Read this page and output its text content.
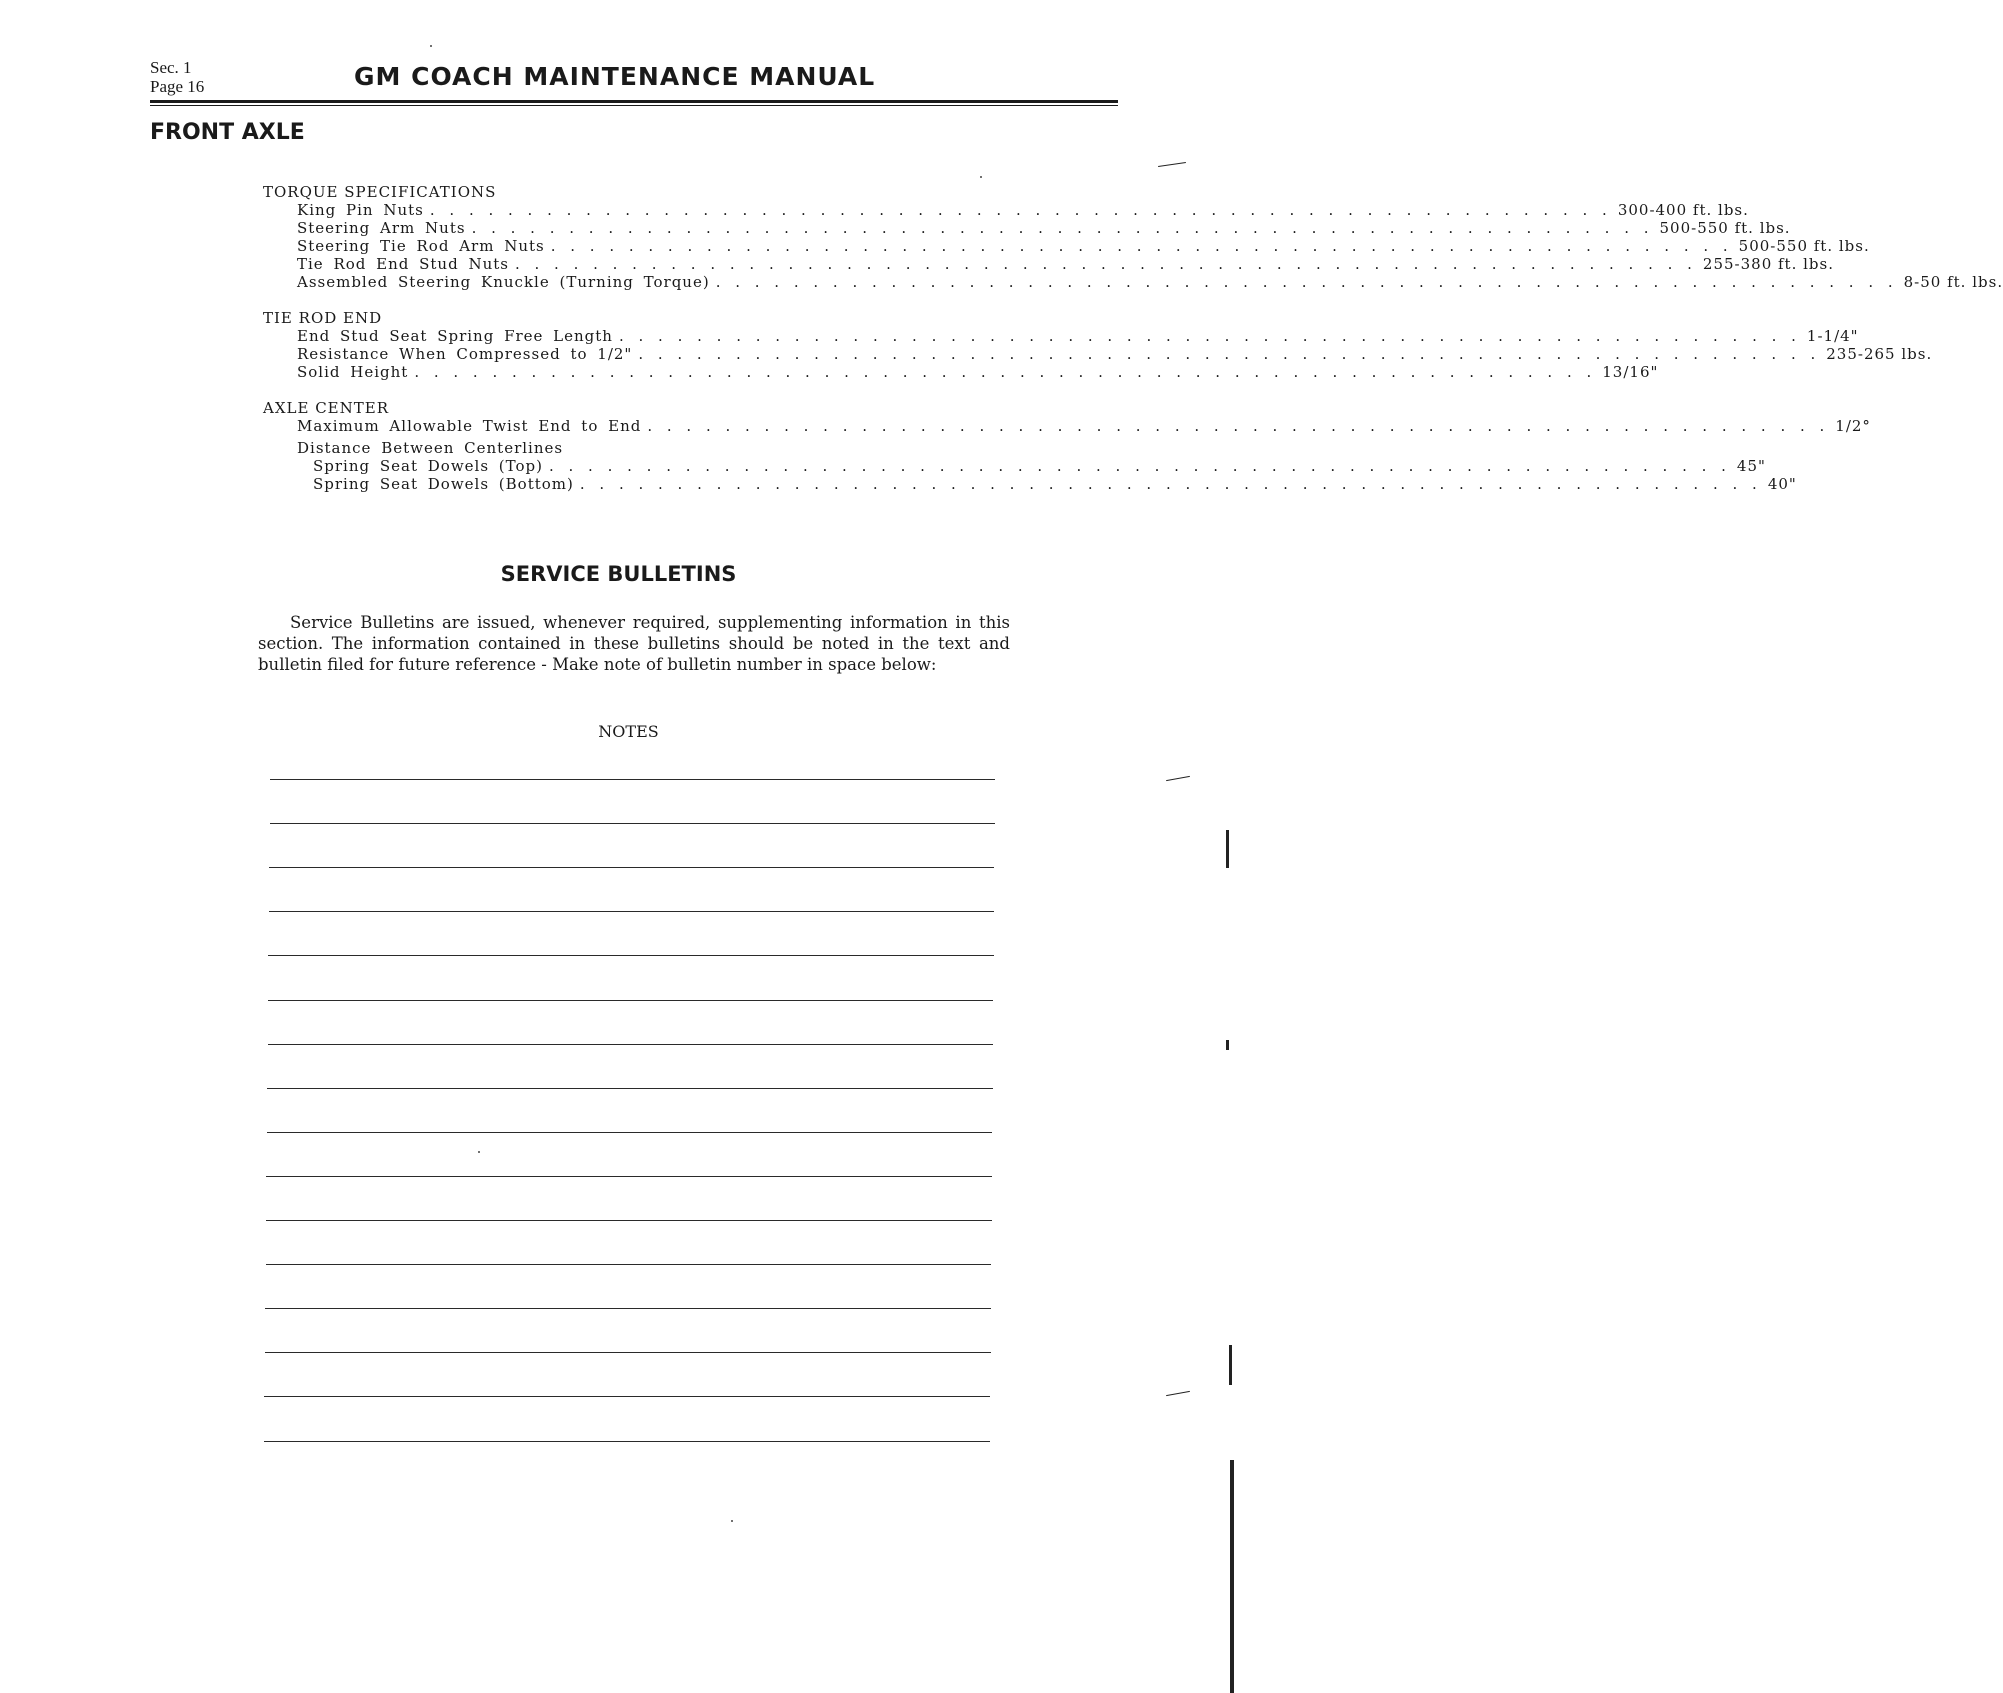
Sec. 1
Page 16	GM COACH MAINTENANCE MANUAL
FRONT AXLE
TORQUE SPECIFICATIONS
King Pin Nuts . . . . . . . . . . . . . . . . . . . . . . . . . . . . . . . . . . . . . . . . . . . . . . . . . . . . . . . . . . . . . 300-400 ft. lbs.
Steering Arm Nuts . . . . . . . . . . . . . . . . . . . . . . . . . . . . . . . . . . . . . . . . . . . . . . . . . . . . . . . . . . . . . 500-550 ft. lbs.
Steering Tie Rod Arm Nuts . . . . . . . . . . . . . . . . . . . . . . . . . . . . . . . . . . . . . . . . . . . . . . . . . . . . . . . . . . . . . 500-550 ft. lbs.
Tie Rod End Stud Nuts . . . . . . . . . . . . . . . . . . . . . . . . . . . . . . . . . . . . . . . . . . . . . . . . . . . . . . . . . . . . . 255-380 ft. lbs.
Assembled Steering Knuckle (Turning Torque) . . . . . . . . . . . . . . . . . . . . . . . . . . . . . . . . . . . . . . . . . . . . . . . . . . . . . . . . . . . . . 8-50 ft. lbs.
TIE ROD END
End Stud Seat Spring Free Length . . . . . . . . . . . . . . . . . . . . . . . . . . . . . . . . . . . . . . . . . . . . . . . . . . . . . . . . . . . . . 1-1/4"
Resistance When Compressed to 1/2" . . . . . . . . . . . . . . . . . . . . . . . . . . . . . . . . . . . . . . . . . . . . . . . . . . . . . . . . . . . . . 235-265 lbs.
Solid Height . . . . . . . . . . . . . . . . . . . . . . . . . . . . . . . . . . . . . . . . . . . . . . . . . . . . . . . . . . . . . 13/16"
AXLE CENTER
Maximum Allowable Twist End to End . . . . . . . . . . . . . . . . . . . . . . . . . . . . . . . . . . . . . . . . . . . . . . . . . . . . . . . . . . . . . 1/2°
Distance Between Centerlines
Spring Seat Dowels (Top) . . . . . . . . . . . . . . . . . . . . . . . . . . . . . . . . . . . . . . . . . . . . . . . . . . . . . . . . . . . . . 45"
Spring Seat Dowels (Bottom) . . . . . . . . . . . . . . . . . . . . . . . . . . . . . . . . . . . . . . . . . . . . . . . . . . . . . . . . . . . . . 40"
SERVICE BULLETINS

Service Bulletins are issued, whenever required, supplementing information in this section. The information contained in these bulletins should be noted in the text and bulletin filed for future reference - Make note of bulletin number in space below:

NOTES
